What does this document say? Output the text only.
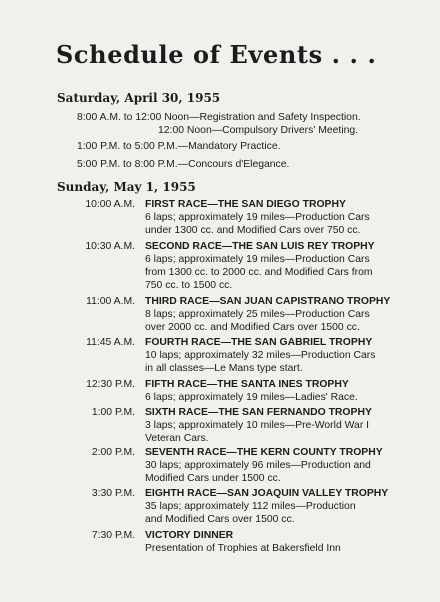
Schedule of Events . . .
Saturday, April 30, 1955
8:00 A.M. to 12:00 Noon—Registration and Safety Inspection.
12:00 Noon—Compulsory Drivers' Meeting.
1:00 P.M. to 5:00 P.M.—Mandatory Practice.
5:00 P.M. to 8:00 P.M.—Concours d'Elegance.
Sunday, May 1, 1955
10:00 A.M. FIRST RACE—THE SAN DIEGO TROPHY
6 laps; approximately 19 miles—Production Cars
under 1300 cc. and Modified Cars over 750 cc.
10:30 A.M. SECOND RACE—THE SAN LUIS REY TROPHY
6 laps; approximately 19 miles—Production Cars
from 1300 cc. to 2000 cc. and Modified Cars from
750 cc. to 1500 cc.
11:00 A.M. THIRD RACE—SAN JUAN CAPISTRANO TROPHY
8 laps; approximately 25 miles—Production Cars
over 2000 cc. and Modified Cars over 1500 cc.
11:45 A.M. FOURTH RACE—THE SAN GABRIEL TROPHY
10 laps; approximately 32 miles—Production Cars
in all classes—Le Mans type start.
12:30 P.M. FIFTH RACE—THE SANTA INES TROPHY
6 laps; approximately 19 miles—Ladies' Race.
1:00 P.M. SIXTH RACE—THE SAN FERNANDO TROPHY
3 laps; approximately 10 miles—Pre-World War I
Veteran Cars.
2:00 P.M. SEVENTH RACE—THE KERN COUNTY TROPHY
30 laps; approximately 96 miles—Production and
Modified Cars under 1500 cc.
3:30 P.M. EIGHTH RACE—SAN JOAQUIN VALLEY TROPHY
35 laps; approximately 112 miles—Production
and Modified Cars over 1500 cc.
7:30 P.M. VICTORY DINNER
Presentation of Trophies at Bakersfield Inn
